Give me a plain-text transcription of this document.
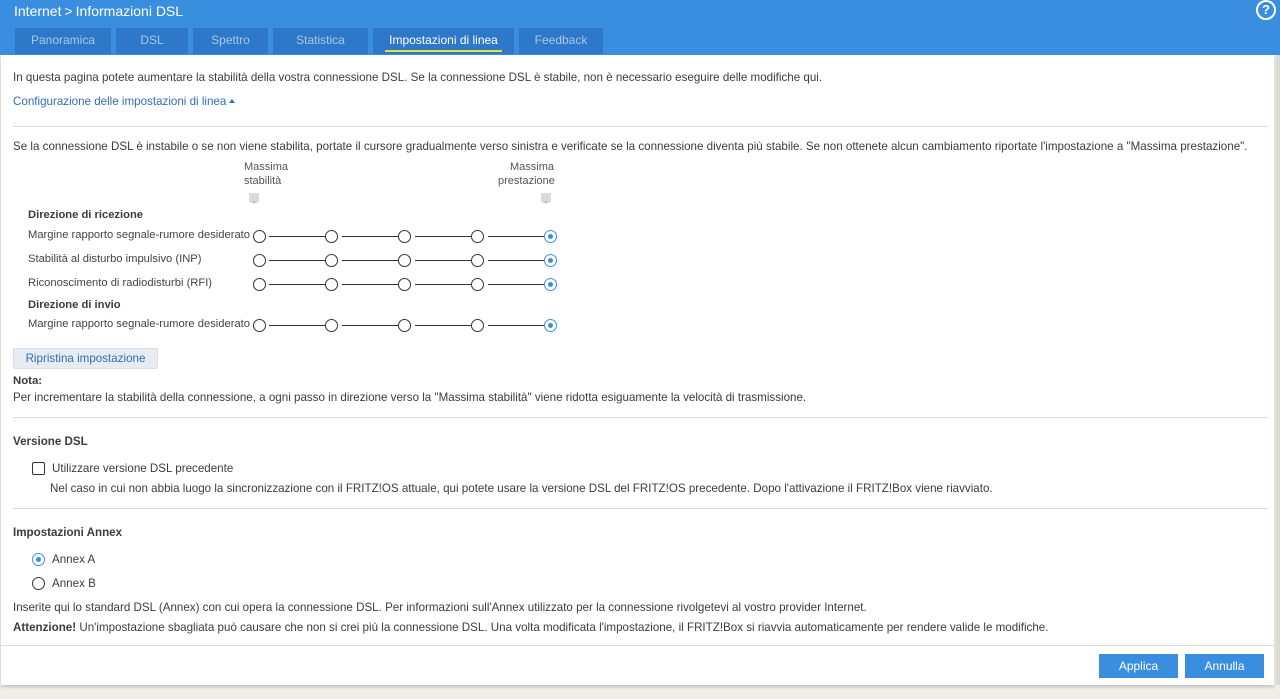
Internet > Informazioni DSL	?
Panoramica	DSL	Spettro	Statistica	Impostazioni di linea	Feedback
In questa pagina potete aumentare la stabilità della vostra connessione DSL. Se la connessione DSL è stabile, non è necessario eseguire delle modifiche qui.
Configurazione delle impostazioni di linea
Se la connessione DSL è instabile o se non viene stabilita, portate il cursore gradualmente verso sinistra e verificate se la connessione diventa più stabile. Se non ottenete alcun cambiamento riportate l'impostazione a "Massima prestazione".
Massima
stabilità
Massima
prestazione
Direzione di ricezione
Margine rapporto segnale-rumore desiderato
Stabilità al disturbo impulsivo (INP)
Riconoscimento di radiodisturbi (RFI)
Direzione di invio
Margine rapporto segnale-rumore desiderato
Ripristina impostazione
Nota:
Per incrementare la stabilità della connessione, a ogni passo in direzione verso la "Massima stabilità" viene ridotta esiguamente la velocità di trasmissione.
Versione DSL
Utilizzare versione DSL precedente
Nel caso in cui non abbia luogo la sincronizzazione con il FRITZ!OS attuale, qui potete usare la versione DSL del FRITZ!OS precedente. Dopo l'attivazione il FRITZ!Box viene riavviato.
Impostazioni Annex
Annex A
Annex B
Inserite qui lo standard DSL (Annex) con cui opera la connessione DSL. Per informazioni sull'Annex utilizzato per la connessione rivolgetevi al vostro provider Internet.
Attenzione! Un'impostazione sbagliata può causare che non si crei più la connessione DSL. Una volta modificata l'impostazione, il FRITZ!Box si riavvia automaticamente per rendere valide le modifiche.
Applica	Annulla
